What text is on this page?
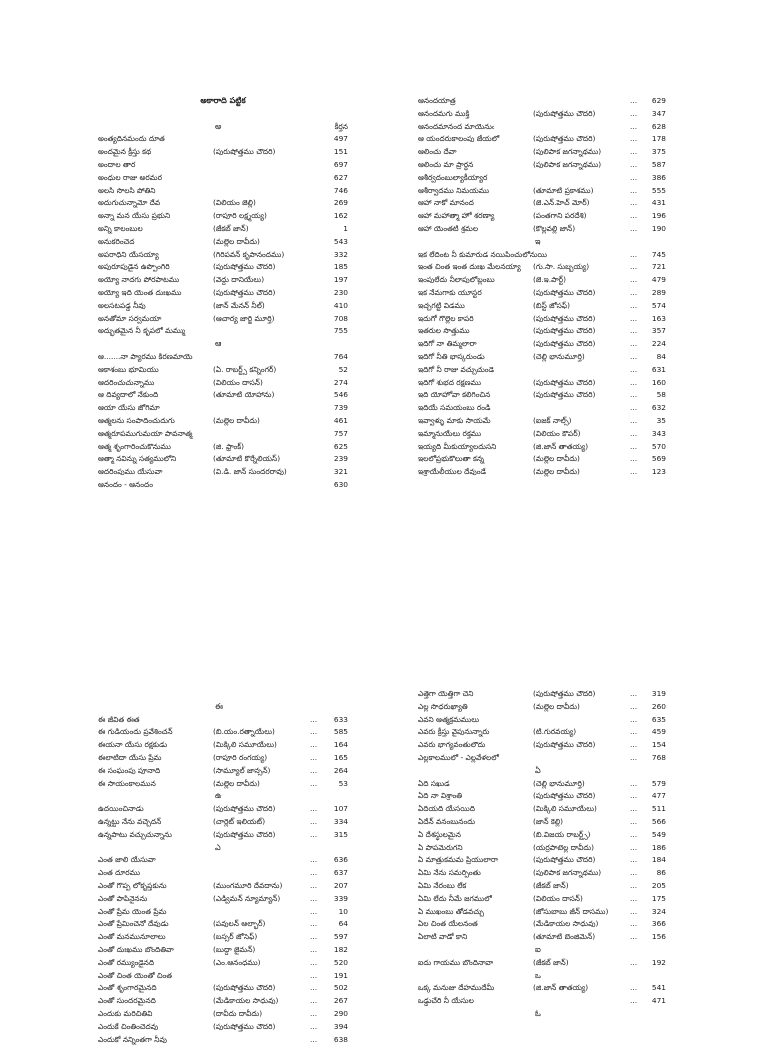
అకారాది పట్టిక
అ	కీర్తన
అంత్యదినమందు దూత	497
అందమైన క్రీస్తు కథ	(పురుషోత్తము చౌదరి)	151
అందాల తార	697
అంధుల రాజు అరమర	627
అలసి సొలసి పోతిని	746
అదుగుచున్నామో దేవ	(విలియం జెల్లి)	269
అన్నా మన యేసు ప్రభుని	(రాపూరి లక్ష్మయ్య)	162
అన్ని కాలంబుల	(జేకబ్ జాన్)	1
అనుకరించెద	(మల్లెల దావీదు)	543
అపరాధిని యేసయ్యా	(గిరిపవన్ కృపానందము)	332
అపురూపుడైన ఉప్పొంగిరి	(పురుషోత్తము చౌదరి)	185
అయ్యో నాదగు పోరపాటము	(వెద్దు దానియేలు)	197
అయ్యో ఇది యెంత దుఃఖము	(పురుషోత్తము చౌదరి)	230
అలసటపడ్డ నీవు	(జాన్ మేనన్ నీల్)	410
అనతోమా సర్వమయా	(ఆచార్య జార్జి మూర్తి)	708
అద్భుతమైన నీ కృపలో మమ్ము	755
ఆ
ఆ.......నా ప్యారము కిరణమాయె	764
ఆకాశంబు భూమియు	(ఏ. రాబర్ట్స్ కన్నింగర్)	52
ఆదరించుచున్నాము	(విలియం దాసన్)	274
ఆ దివ్యదాలో నేకుంది	(తూమాటి యోహాను)	546
ఆయా యేసు జోగిమా	739
ఆత్మలను సంపాదించుదుగు	(మల్లెల దావీదు)	461
ఆత్మరూపముగుమయా పావనాత్మ	757
ఆత్మ శృంగారించుకొనుము	(జి. ఫ్రాంక్)	625
ఆత్మా నవిన్ను సత్యములోని	(తూమాటి కొర్నేలియస్)	239
ఆదరింపుము యేసువా	(వి.డి. జాన్ సుందరరావు)	321
ఆనందం - ఆనందం	630
ఆనందయాత్ర	... 629
ఆనందమగు ముక్తి	(పురుషోత్తము చౌదరి)	... 347
ఆనందమానంద మాయెనుఁ	... 628
ఆ యందరుకాలంపు జేయలో	(పురుషోత్తము చౌదరి)	... 178
ఆలించు దేవా	(పులిపాక జగన్నాథము)	... 375
ఆలించు మా ప్రార్థన	(పులిపాక జగన్నాథము)	... 587
ఆశీర్వదంబుల్యాకీయ్యార	... 386
ఆశీర్వాదము నిమయము	(తూమాటి ప్రకాశము)	... 555
ఆహా నాకో మానంద	(జె.ఎన్.హెచ్ మోర్)	... 431
ఆహా మహాత్మా హో శరణ్యా	(పంతగాని పరదేశి)	... 196
ఆహా యెంతటి శ్రమల	(కొల్లవల్లి జాన్)	... 190
ఇ
ఇక లేదింట నీ కుమారుడ నయిపించులోనుయి	... 745
ఇంత చింత ఇంత దుఃఖ మేలనయ్యా (గు.సా. సుబ్బయ్య)	... 721
ఇంపులేదు నీలాపులోబ్లంబు	(జె.ఇ.పార్ట్)	... 479
ఇక నేమగాకు యూస్టర	(పురుషోత్తము చౌదరి)	... 289
ఇచ్చగట్టి విడము	(బిస్ట్ జోసఫ్)	... 574
ఇదుగో గొల్లెల కాపరి	(పురుషోత్తము చౌదరి)	... 163
ఇతరుల సొత్తుము	(పురుషోత్తము చౌదరి)	... 357
ఇదిగో నా తిమ్మలారా	(పురుషోత్తము చౌదరి)	... 224
ఇదిగో నీతి భాస్కరుండు	(చెల్లి భానుమూర్తి)	...	84
ఇదిగో నీ రాజు వచ్చుచుండె	... 631
ఇదిగో శుభద రక్షణము	(పురుషోత్తము చౌదరి)	... 160
ఇది యోహోవా కలిగించిన	(పురుషోత్తము చౌదరి)	...	58
ఇదియే సమయంబు రండి	... 632
ఇవ్వాళ్ళు మాకు సాయమే	(ఐజక్ నాల్స్)	...	35
ఇమ్మానుయేలు రక్తము	(విలియం కౌపర్)	... 343
ఇయ్యది మీకుయ్యాలదుసని	(జి.జాన్ తాతయ్య)	... 570
ఇలలోప్రభుకొలుతా కన్న	(మల్లెల దావీదు)	... 569
ఇశ్రాయేలీయుల దేవుండే	(మల్లెల దావీదు)	... 123
ఈ
ఈ జీవిత ఈత	... 633
ఈ గుడియందు ప్రవేశించన్	(బి.యం.రత్నాయేలు)	... 585
ఈయనా యేసు రక్షకుడు	(మిక్కిలి సమూయేలు)	... 164
ఈలాటిదా యేసు ప్రేమ	(రాపూరి రంగయ్య)	... 165
ఈ సంఘంపు పూనాది	(సామ్యూల్ జాన్సన్)	... 264
ఈ సాయంకాలమున	(మల్లెల దావీదు)	...	53
ఉ
ఉదయించినాడు	(పురుషోత్తము చౌదరి)	... 107
ఉన్నట్టు నేను వచ్చెదన్	(చార్లెట్ ఇలియట్)	... 334
ఉన్నపాటు వచ్చుచున్నాను	(పురుషోత్తము చౌదరి)	... 315
ఎ
ఎంత జాలి యేసువా	... 636
ఎంత దూరము	... 637
ఎంతో గొప్ప లోకృప్తకును	(ముంగమూరి దేవదాను)	... 207
ఎంతో పాపినైనను	(ఎడ్విమన్ న్యూమ్యాన్)	... 339
ఎంతో ప్రేమ యెంత ప్రేమ	...	10
ఎంతో ప్రేమించెనో దేవుడు	(పవులన్ ఆల్భార్)	...	64
ఎంతో మనమునూలాలు	(బస్సర్ జోసెఫ్)	... 597
ఎంతో దుఃఖము బొందితివా	(బుద్దా జైమన్)	... 182
ఎంతో రమ్యుండైనది	(ఎం.ఆనంధము)	... 520
ఎంతో చింత యెంతో చింత	... 191
ఎంతో శృంగారమైనది	(పురుషోత్తము చౌదరి)	... 502
ఎంతో సుందరమైనది	(మేడికాయల సాధువు)	... 267
ఎందుకు మరిచితివి	(దావీదు దావీదు)	... 290
ఎందుకే చింతించెదవు	(పురుషోత్తము చౌదరి)	... 394
ఎందుకో నన్నింతగా నీవు	... 638
ఎత్తెగా యెత్తిగా చెని	(పురుషోత్తము చౌదరి)	... 319
ఎల్ల సొధరుఖ్యాతి	(మల్లెల దావీదు)	... 260
ఎవని ఆత్మక్రమములు	... 635
ఎవరు క్రీస్తు వైపునున్నారు	(టి.గురవయ్య)	... 459
ఎవరు భాగ్యవంతులౌదు	(పురుషోత్తము చౌదరి)	... 154
ఎల్లకాలములో - ఎల్లవేళలలో	... 768
ఏ
ఏది సఖుడ	(చెల్లి భానుమూర్తి)	... 579
ఏది నా విశ్రాంతి	(పురుషోత్తము చౌదరి)	... 477
ఏదియది యేసయిది	(మిక్కిలి సమూయేలు)	... 511
ఏదేన్ వనంబునందు	(జాన్ కెల్లి)	... 566
ఏ దేశస్థులమైన	(బి.విజయ రాబర్ట్స్)	... 549
ఏ పాపమెరుగని	(యర్రపాటెల్ల దావీదు)	... 186
ఏ మాత్రుకమమ ప్రియులారా	(పురుషోత్తము చౌదరి)	... 184
ఏమి నేను సమర్పింతు	(పులిపాక జగన్నాథము)	...	86
ఏమి నేరంబు లేక	(జేకబ్ జాన్)	... 205
ఏమి లేదు నీమే జగములో	(విలియం దాసన్)	... 175
ఏ ముఖంబు తోడవచ్చు	(జోసుబాబు జీన్ దాసము)	... 324
ఏల చింత యేలనంత	(మేడికాయల సాధువు)	... 366
ఏలాటి వాడో కాని	(తూమాటి బెంజిమెన్)	... 156
ఐ
ఐదు గాయము బొందినావా	(జేకబ్ జాన్)	... 192
ఒ
ఒక్క మనుజు దేహముదేమీ	(జి.జాన్ తాతయ్య)	... 541
ఒడ్డుచేరి నీ యేసుల	... 471
ఓ
